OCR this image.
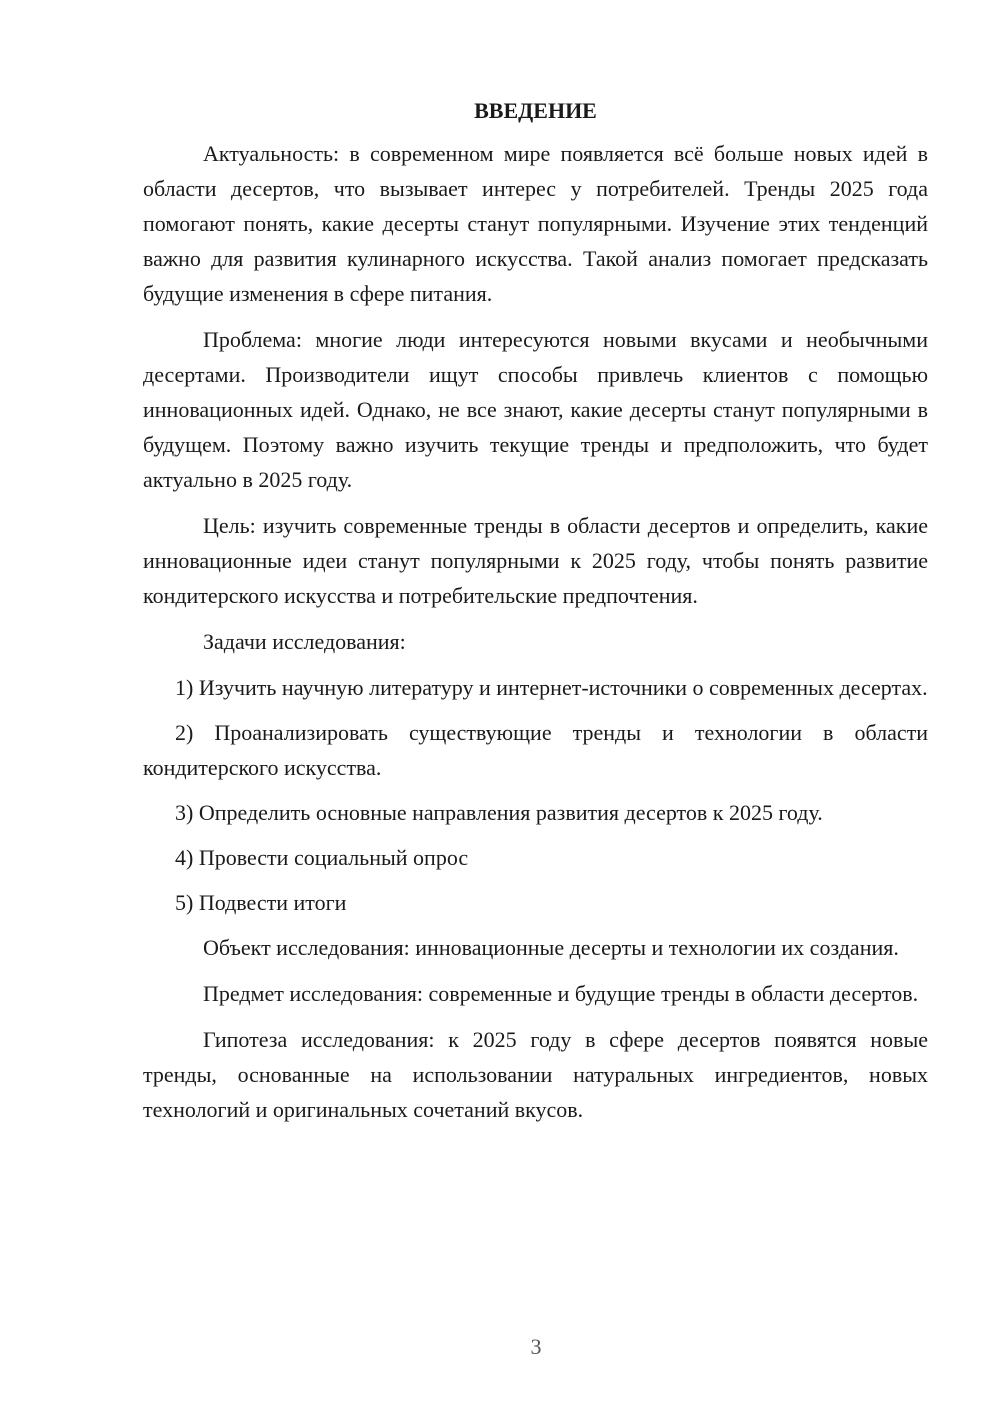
ВВЕДЕНИЕ

Актуальность: в современном мире появляется всё больше новых идей в области десертов, что вызывает интерес у потребителей. Тренды 2025 года помогают понять, какие десерты станут популярными. Изучение этих тенденций важно для развития кулинарного искусства. Такой анализ помогает предсказать будущие изменения в сфере питания.

Проблема: многие люди интересуются новыми вкусами и необычными десертами. Производители ищут способы привлечь клиентов с помощью инновационных идей. Однако, не все знают, какие десерты станут популярными в будущем. Поэтому важно изучить текущие тренды и предположить, что будет актуально в 2025 году.

Цель: изучить современные тренды в области десертов и определить, какие инновационные идеи станут популярными к 2025 году, чтобы понять развитие кондитерского искусства и потребительские предпочтения.

Задачи исследования:

1) Изучить научную литературу и интернет-источники о современных десертах.

2) Проанализировать существующие тренды и технологии в области кондитерского искусства.

3) Определить основные направления развития десертов к 2025 году.

4) Провести социальный опрос

5) Подвести итоги

Объект исследования: инновационные десерты и технологии их создания.

Предмет исследования: современные и будущие тренды в области десертов.

Гипотеза исследования: к 2025 году в сфере десертов появятся новые тренды, основанные на использовании натуральных ингредиентов, новых технологий и оригинальных сочетаний вкусов.

3
